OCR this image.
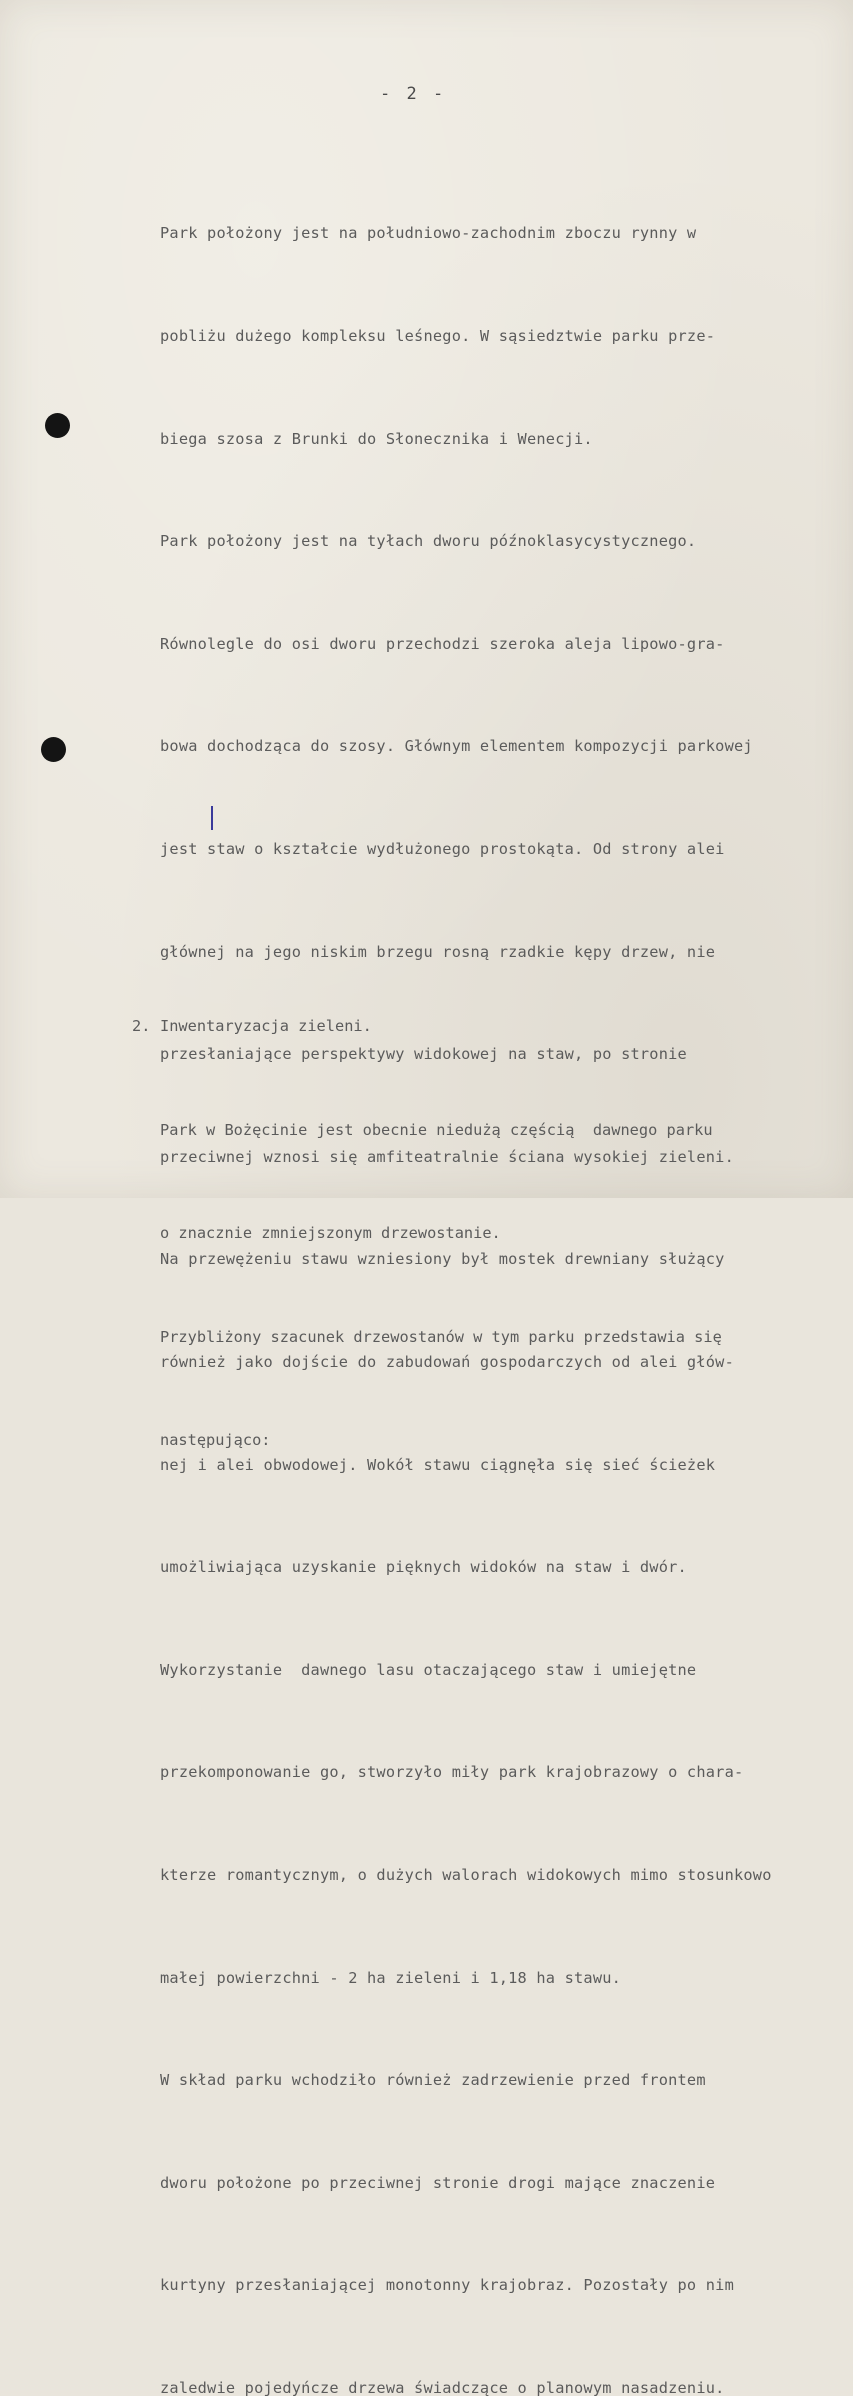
- 2 -

Park położony jest na południowo-zachodnim zboczu rynny w

pobliżu dużego kompleksu leśnego. W sąsiedztwie parku prze-

biega szosa z Brunki do Słonecznika i Wenecji.

Park położony jest na tyłach dworu późnoklasycystycznego.

Równolegle do osi dworu przechodzi szeroka aleja lipowo-gra-

bowa dochodząca do szosy. Głównym elementem kompozycji parkowej

jest staw o kształcie wydłużonego prostokąta. Od strony alei

głównej na jego niskim brzegu rosną rzadkie kępy drzew, nie

przesłaniające perspektywy widokowej na staw, po stronie

przeciwnej wznosi się amfiteatralnie ściana wysokiej zieleni.

Na przewężeniu stawu wzniesiony był mostek drewniany służący

również jako dojście do zabudowań gospodarczych od alei głów-

nej i alei obwodowej. Wokół stawu ciągnęła się sieć ścieżek

umożliwiająca uzyskanie pięknych widoków na staw i dwór.

Wykorzystanie  dawnego lasu otaczającego staw i umiejętne

przekomponowanie go, stworzyło miły park krajobrazowy o chara-

kterze romantycznym, o dużych walorach widokowych mimo stosunkowo

małej powierzchni - 2 ha zieleni i 1,18 ha stawu.

W skład parku wchodziło również zadrzewienie przed frontem

dworu położone po przeciwnej stronie drogi mające znaczenie

kurtyny przesłaniającej monotonny krajobraz. Pozostały po nim

zaledwie pojedyńcze drzewa świadczące o planowym nasadzeniu.

2. Inwentaryzacja zieleni.

Park w Bożęcinie jest obecnie niedużą częścią  dawnego parku

o znacznie zmniejszonym drzewostanie.

Przybliżony szacunek drzewostanów w tym parku przedstawia się

następująco:
